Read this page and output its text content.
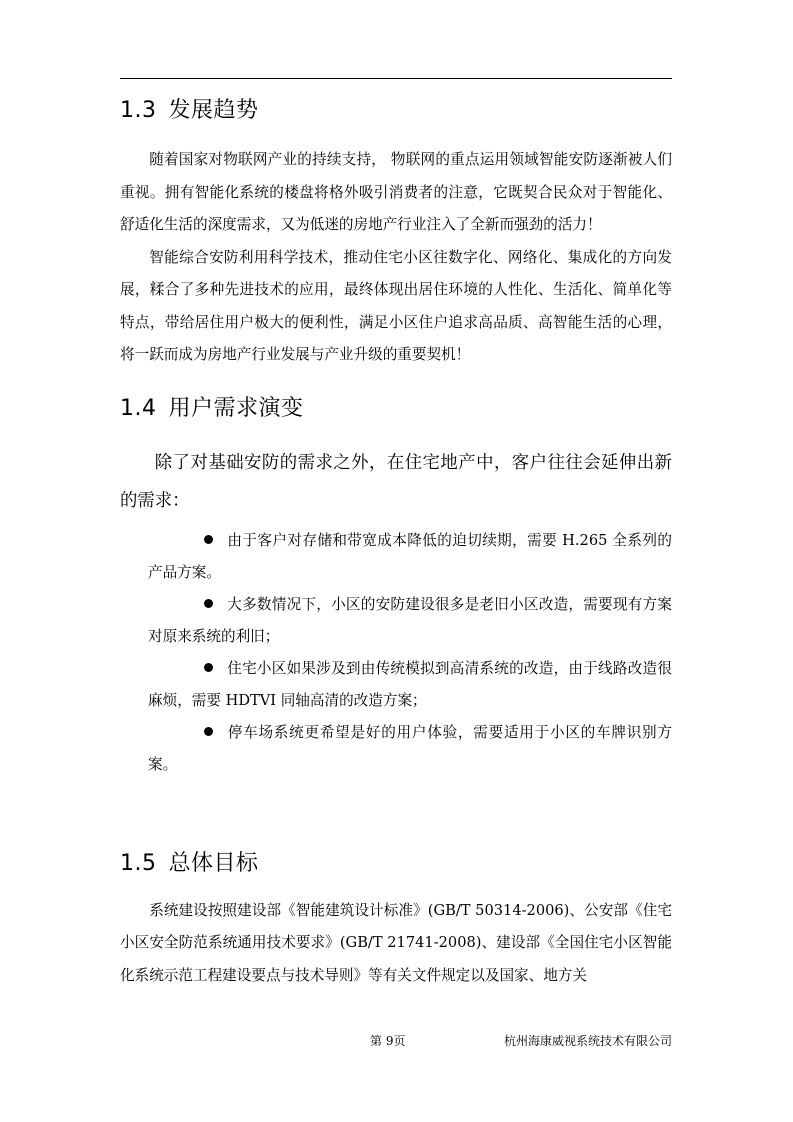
1.3 发展趋势

随着国家对物联网产业的持续支持， 物联网的重点运用领域智能安防逐渐被人们重视。拥有智能化系统的楼盘将格外吸引消费者的注意，它既契合民众对于智能化、舒适化生活的深度需求，又为低迷的房地产行业注入了全新而强劲的活力！

智能综合安防利用科学技术，推动住宅小区往数字化、网络化、集成化的方向发展，糅合了多种先进技术的应用，最终体现出居住环境的人性化、生活化、简单化等特点，带给居住用户极大的便利性，满足小区住户追求高品质、高智能生活的心理，将一跃而成为房地产行业发展与产业升级的重要契机！

1.4 用户需求演变

除了对基础安防的需求之外，在住宅地产中，客户往往会延伸出新的需求：

由于客户对存储和带宽成本降低的迫切续期，需要 H.265 全系列的产品方案。
大多数情况下，小区的安防建设很多是老旧小区改造，需要现有方案对原来系统的利旧；
住宅小区如果涉及到由传统模拟到高清系统的改造，由于线路改造很麻烦，需要 HDTVI 同轴高清的改造方案；
停车场系统更希望是好的用户体验，需要适用于小区的车牌识别方案。
1.5 总体目标

系统建设按照建设部《智能建筑设计标准》(GB/T 50314-2006)、公安部《住宅小区安全防范系统通用技术要求》(GB/T 21741-2008)、建设部《全国住宅小区智能化系统示范工程建设要点与技术导则》等有关文件规定以及国家、地方关

第 9页	杭州海康威视系统技术有限公司
